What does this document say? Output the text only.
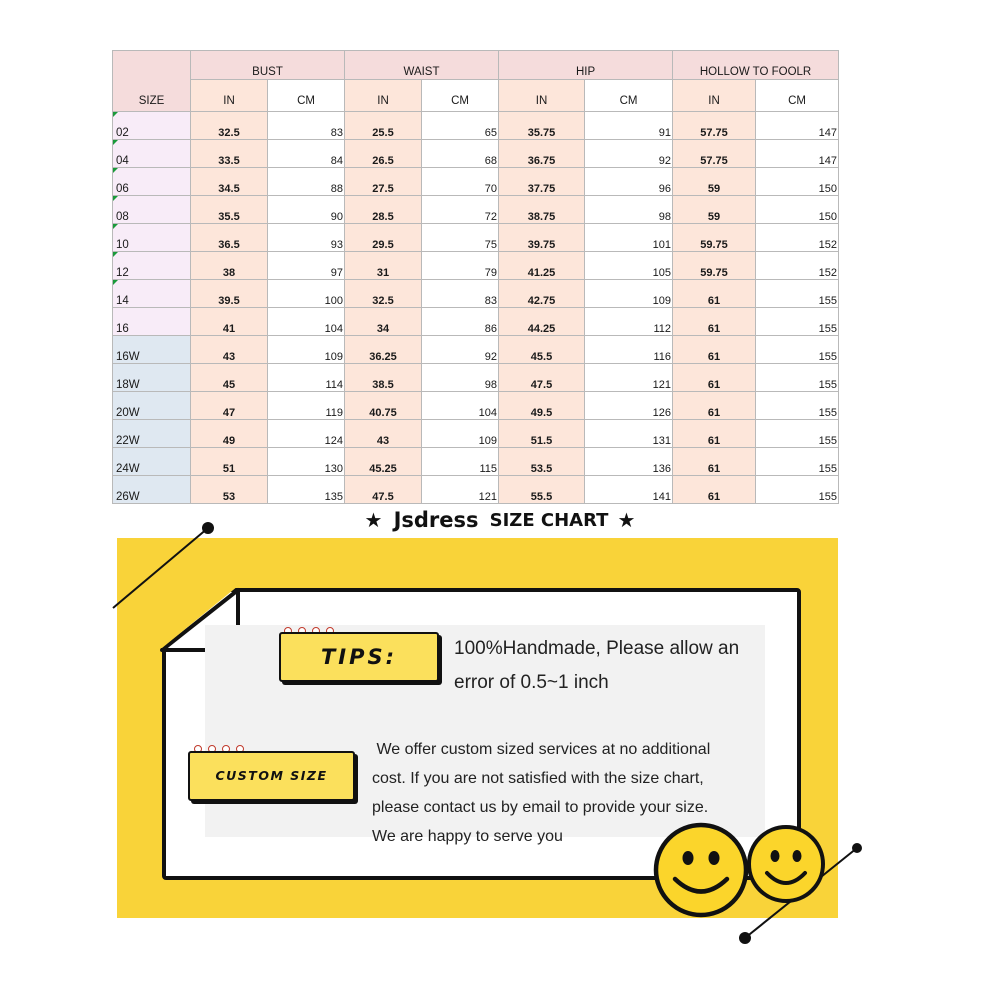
SIZE	BUST		WAIST		HIP		HOLLOW TO FOOLR	
	IN	CM	IN	CM	IN	CM	IN	CM

02	32.5	83	25.5	65	35.75	91	57.75	147

04	33.5	84	26.5	68	36.75	92	57.75	147

06	34.5	88	27.5	70	37.75	96	59	150

08	35.5	90	28.5	72	38.75	98	59	150

10	36.5	93	29.5	75	39.75	101	59.75	152

12	38	97	31	79	41.25	105	59.75	152

14	39.5	100	32.5	83	42.75	109	61	155
16	41	104	34	86	44.25	112	61	155
16W	43	109	36.25	92	45.5	116	61	155
18W	45	114	38.5	98	47.5	121	61	155
20W	47	119	40.75	104	49.5	126	61	155
22W	49	124	43	109	51.5	131	61	155
24W	51	130	45.25	115	53.5	136	61	155
26W	53	135	47.5	121	55.5	141	61	155
★ Jsdress SIZE CHART ★
TIPS:	100%Handmade, Please allow an
error of 0.5~1 inch
CUSTOM SIZE
We offer custom sized services at no additional
cost. If you are not satisfied with the size chart,
please contact us by email to provide your size.
We are happy to serve you
